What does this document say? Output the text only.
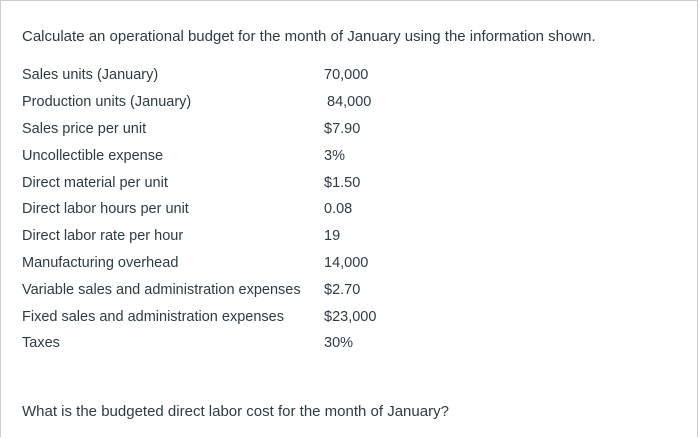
Calculate an operational budget for the month of January using the information shown.
Sales units (January)	70,000
Production units (January)	84,000
Sales price per unit	$7.90
Uncollectible expense	3%
Direct material per unit	$1.50
Direct labor hours per unit	0.08
Direct labor rate per hour	19
Manufacturing overhead	14,000
Variable sales and administration expenses	$2.70
Fixed sales and administration expenses	$23,000
Taxes	30%
What is the budgeted direct labor cost for the month of January?
